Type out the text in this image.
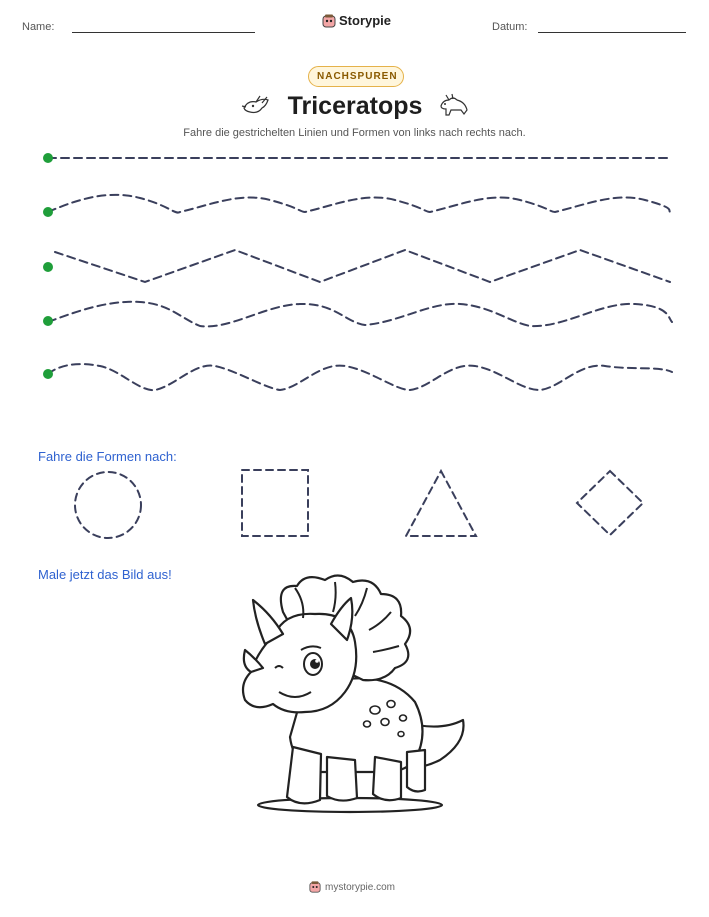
Name:	Storypie	Datum:
NACHSPUREN
Triceratops
Fahre die gestrichelten Linien und Formen von links nach rechts nach.
Fahre die Formen nach:
Male jetzt das Bild aus!
mystorypie.com
